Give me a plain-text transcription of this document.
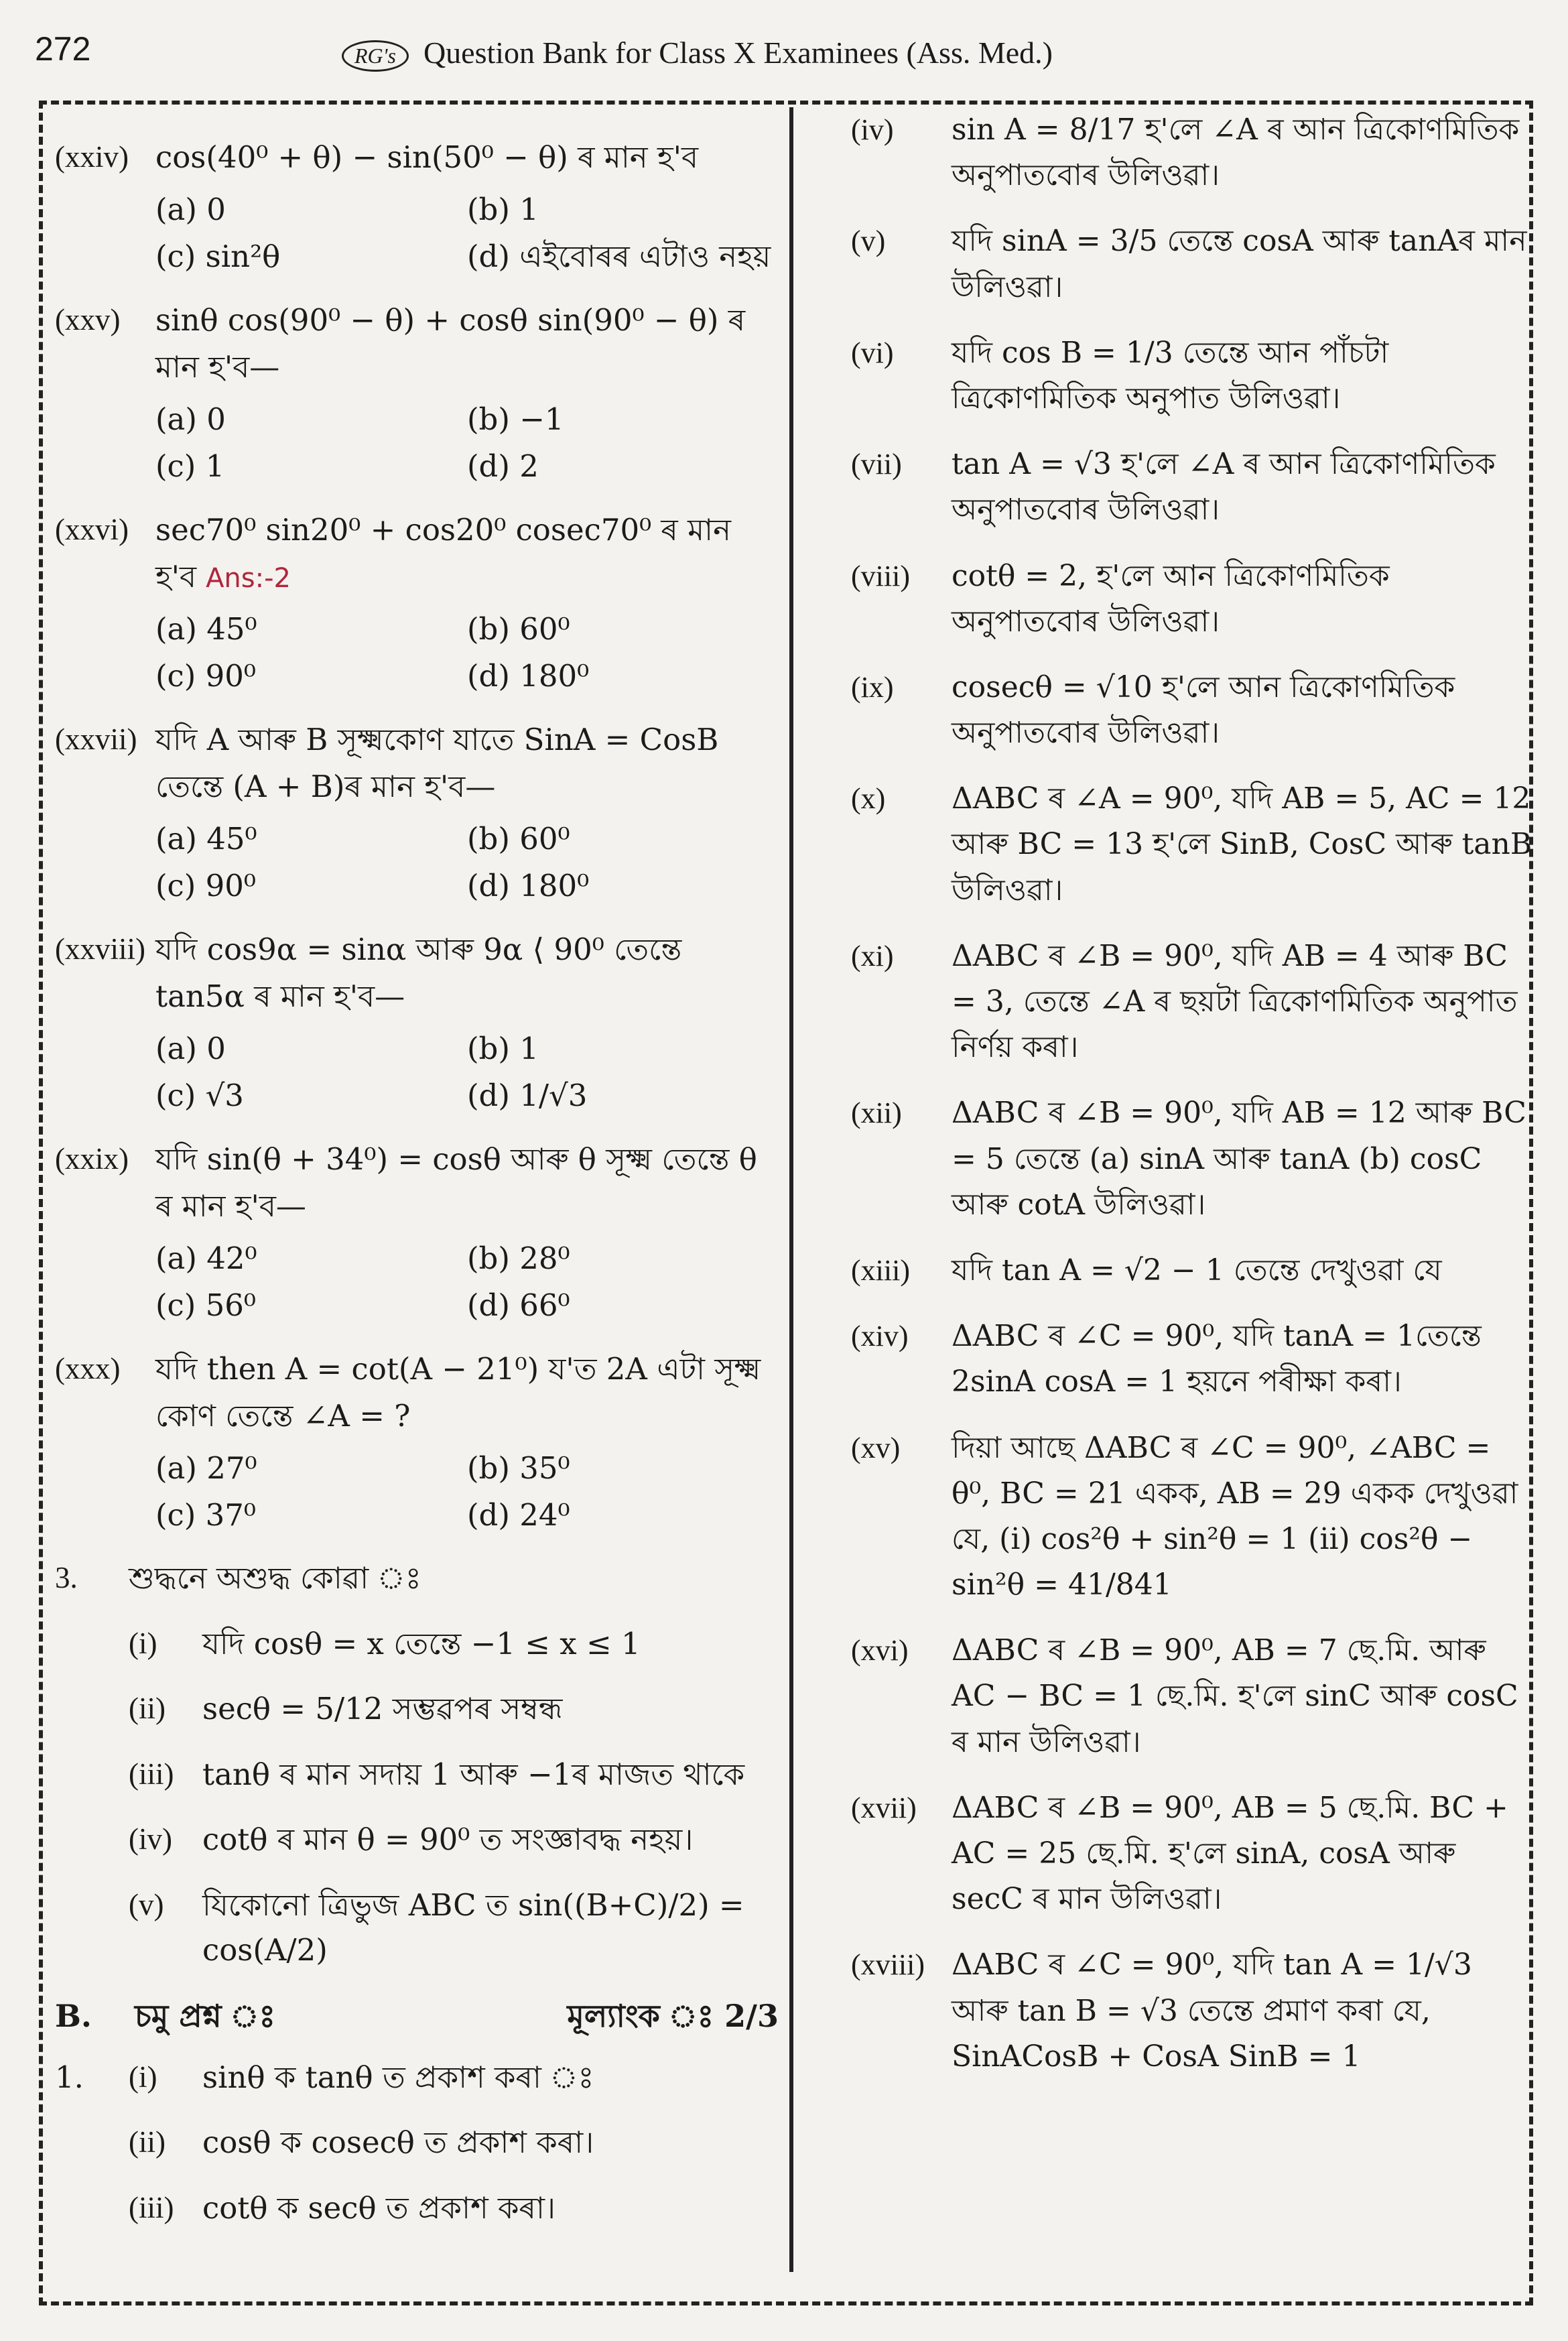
272	RG's Question Bank for Class X Examinees (Ass. Med.)
(xxiv) cos(40⁰ + θ) − sin(50⁰ − θ) ৰ মান হ'ব
(a) 0	(b) 1
(c) sin²θ	(d) এইবোৰৰ এটাও নহয়
(xxv)	sinθ cos(90⁰ − θ) + cosθ sin(90⁰ − θ) ৰ মান হ'ব—
(a) 0	(b) −1
(c) 1	(d) 2
(xxvi) sec70⁰ sin20⁰ + cos20⁰ cosec70⁰ ৰ মান হ'ব Ans:-2
(a) 45⁰	(b) 60⁰
(c) 90⁰	(d) 180⁰
(xxvii) যদি A আৰু B সূক্ষ্মকোণ যাতে SinA = CosB তেন্তে (A + B)ৰ মান হ'ব—
(a) 45⁰	(b) 60⁰
(c) 90⁰	(d) 180⁰
(xxviii) যদি cos9α = sinα আৰু 9α ⟨ 90⁰ তেন্তে tan5α ৰ মান হ'ব—
(a) 0	(b) 1
(c) √3	(d) 1/√3
(xxix) যদি sin(θ + 34⁰) = cosθ আৰু θ সূক্ষ্ম তেন্তে θ ৰ মান হ'ব—
(a) 42⁰	(b) 28⁰
(c) 56⁰	(d) 66⁰
(xxx)	যদি then A = cot(A − 21⁰) য'ত 2A এটা সূক্ষ্ম কোণ তেন্তে ∠A = ?
(a) 27⁰	(b) 35⁰
(c) 37⁰	(d) 24⁰
3.	শুদ্ধনে অশুদ্ধ কোৱা ঃ
(i)	যদি cosθ = x তেন্তে −1 ≤ x ≤ 1
(ii)	secθ = 5/12 সম্ভৱপৰ সম্বন্ধ
(iii) tanθ ৰ মান সদায় 1 আৰু −1ৰ মাজত থাকে
(iv)	cotθ ৰ মান θ = 90⁰ ত সংজ্ঞাবদ্ধ নহয়।
(v)	যিকোনো ত্ৰিভুজ ABC ত sin((B+C)/2) = cos(A/2)
B. চমু প্ৰশ্ন ঃ	মূল্যাংক ঃ 2/3
1.	(i)	sinθ ক tanθ ত প্ৰকাশ কৰা ঃ
(ii)	cosθ ক cosecθ ত প্ৰকাশ কৰা।
(iii) cotθ ক secθ ত প্ৰকাশ কৰা।
(iv)	sin A = 8/17 হ'লে ∠A ৰ আন ত্ৰিকোণমিতিক অনুপাতবোৰ উলিওৱা।
(v)	যদি sinA = 3/5 তেন্তে cosA আৰু tanAৰ মান উলিওৱা।
(vi)	যদি cos B = 1/3 তেন্তে আন পাঁচটা ত্ৰিকোণমিতিক অনুপাত উলিওৱা।
(vii)	tan A = √3 হ'লে ∠A ৰ আন ত্ৰিকোণমিতিক অনুপাতবোৰ উলিওৱা।
(viii)	cotθ = 2, হ'লে আন ত্ৰিকোণমিতিক অনুপাতবোৰ উলিওৱা।
(ix)	cosecθ = √10 হ'লে আন ত্ৰিকোণমিতিক অনুপাতবোৰ উলিওৱা।
(x)	ΔABC ৰ ∠A = 90⁰, যদি AB = 5, AC = 12 আৰু BC = 13 হ'লে SinB, CosC আৰু tanB উলিওৱা।
(xi)	ΔABC ৰ ∠B = 90⁰, যদি AB = 4 আৰু BC = 3, তেন্তে ∠A ৰ ছয়টা ত্ৰিকোণমিতিক অনুপাত নিৰ্ণয় কৰা।
(xii)	ΔABC ৰ ∠B = 90⁰, যদি AB = 12 আৰু BC = 5 তেন্তে (a) sinA আৰু tanA (b) cosC আৰু cotA উলিওৱা।
(xiii)	যদি tan A = √2 − 1 তেন্তে দেখুওৱা যে
(xiv)	ΔABC ৰ ∠C = 90⁰, যদি tanA = 1তেন্তে 2sinA cosA = 1 হয়নে পৰীক্ষা কৰা।
(xv)	দিয়া আছে ΔABC ৰ ∠C = 90⁰, ∠ABC = θ⁰, BC = 21 একক, AB = 29 একক দেখুওৱা যে, (i) cos²θ + sin²θ = 1 (ii) cos²θ − sin²θ = 41/841
(xvi)	ΔABC ৰ ∠B = 90⁰, AB = 7 ছে.মি. আৰু AC − BC = 1 ছে.মি. হ'লে sinC আৰু cosC ৰ মান উলিওৱা।
(xvii)	ΔABC ৰ ∠B = 90⁰, AB = 5 ছে.মি. BC + AC = 25 ছে.মি. হ'লে sinA, cosA আৰু secC ৰ মান উলিওৱা।
(xviii) ΔABC ৰ ∠C = 90⁰, যদি tan A = 1/√3 আৰু tan B = √3 তেন্তে প্ৰমাণ কৰা যে, SinACosB + CosA SinB = 1
